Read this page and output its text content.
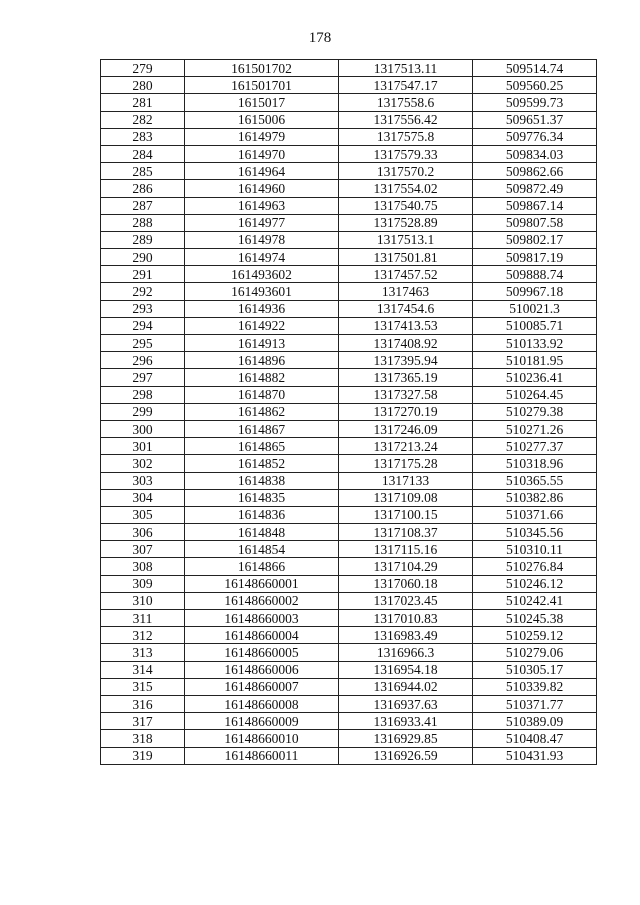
178
279	161501702	1317513.11	509514.74
280	161501701	1317547.17	509560.25
281	1615017	1317558.6	509599.73
282	1615006	1317556.42	509651.37
283	1614979	1317575.8	509776.34
284	1614970	1317579.33	509834.03
285	1614964	1317570.2	509862.66
286	1614960	1317554.02	509872.49
287	1614963	1317540.75	509867.14
288	1614977	1317528.89	509807.58
289	1614978	1317513.1	509802.17
290	1614974	1317501.81	509817.19
291	161493602	1317457.52	509888.74
292	161493601	1317463	509967.18
293	1614936	1317454.6	510021.3
294	1614922	1317413.53	510085.71
295	1614913	1317408.92	510133.92
296	1614896	1317395.94	510181.95
297	1614882	1317365.19	510236.41
298	1614870	1317327.58	510264.45
299	1614862	1317270.19	510279.38
300	1614867	1317246.09	510271.26
301	1614865	1317213.24	510277.37
302	1614852	1317175.28	510318.96
303	1614838	1317133	510365.55
304	1614835	1317109.08	510382.86
305	1614836	1317100.15	510371.66
306	1614848	1317108.37	510345.56
307	1614854	1317115.16	510310.11
308	1614866	1317104.29	510276.84
309	16148660001	1317060.18	510246.12
310	16148660002	1317023.45	510242.41
311	16148660003	1317010.83	510245.38
312	16148660004	1316983.49	510259.12
313	16148660005	1316966.3	510279.06
314	16148660006	1316954.18	510305.17
315	16148660007	1316944.02	510339.82
316	16148660008	1316937.63	510371.77
317	16148660009	1316933.41	510389.09
318	16148660010	1316929.85	510408.47
319	16148660011	1316926.59	510431.93
